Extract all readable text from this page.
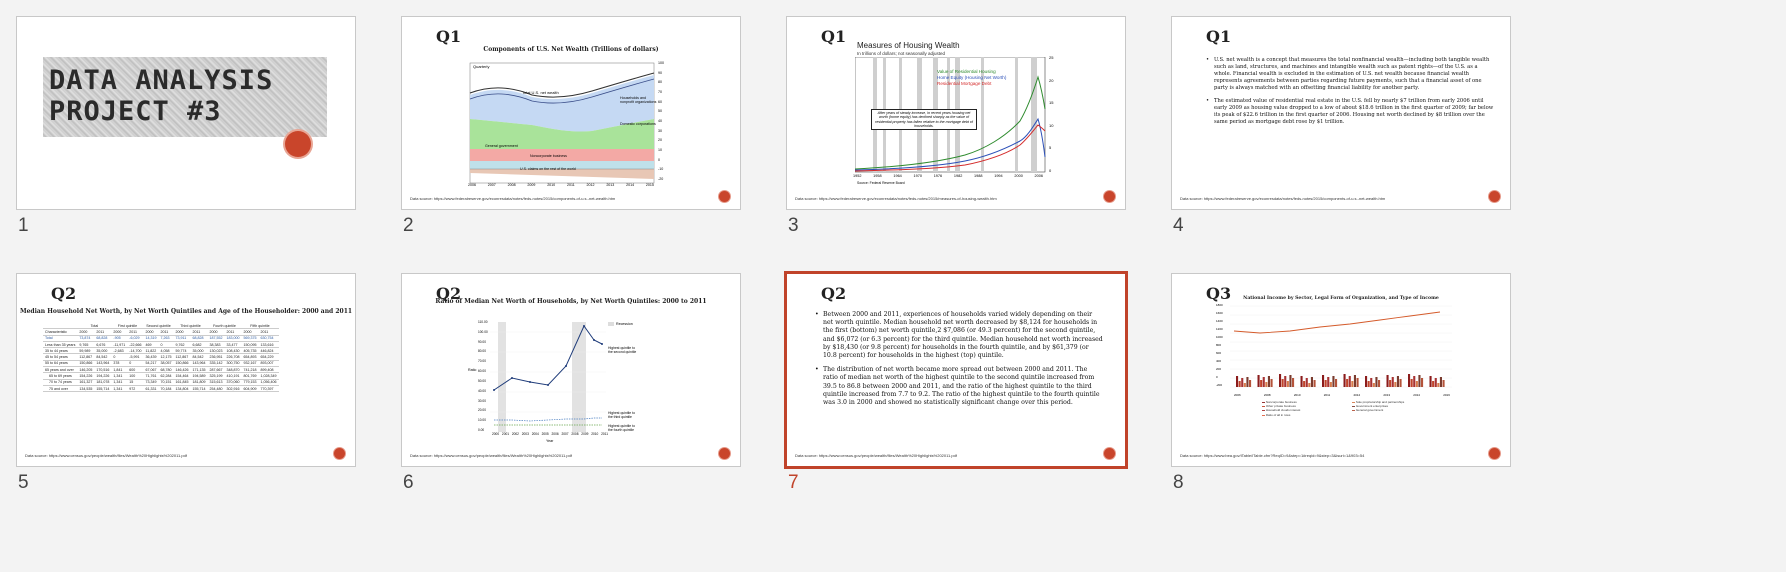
DATA ANALYSIS
PROJECT #3
1
Q1
Components of U.S. Net Wealth (Trillions of dollars)
Quarterly
Total U.S. net wealth
Households and nonprofit organizations
Domestic corporations
General government
Noncorporate business
U.S. claims on the rest of the world
2006	2007	2008	2009	2010	2011	2012	2013	2014	2015
100
90
80
70
60
50
40
30
20
10
0
-10
-20
Data source: https://www.federalreserve.gov/econresdata/notes/feds-notes/2015/components-of-u.s.-net-wealth.htm
2
Q1 Measures of Housing Wealth
In trillions of dollars; not seasonally adjusted
Value of Residential Housing
Home Equity (Housing Net Worth)
Residential Mortgage Debt
After years of steady increase, in recent years housing net worth (home equity) has declined sharply as the value of residential property has fallen relative to the mortgage debt of households.
1952	1958	1964	1970	1976	1982	1988	1994	2000	2006
25
20
15
10
5
0
Source: Federal Reserve Board
Data source: https://www.federalreserve.gov/econresdata/notes/feds-notes/2015/measures-of-housing-wealth.htm
3
Q1

• U.S. net wealth is a concept that measures the total nonfinancial wealth—including both tangible wealth such as land, structures, and machines and intangible wealth such as patent rights—of the U.S. as a whole. Financial wealth is excluded in the estimation of U.S. net wealth because financial wealth represents agreements between parties regarding future payments, such that a financial asset of one party is always matched with an offsetting financial liability for another party.

• The estimated value of residential real estate in the U.S. fell by nearly $7 trillion from early 2006 until early 2009 as housing value dropped to a low of about $18.6 trillion in the first quarter of 2009; far below its peak of $22.6 trillion in the first quarter of 2006. Housing net worth declined by $8 trillion over the same period as mortgage debt rose by $1 trillion.

Data source: https://www.federalreserve.gov/econresdata/notes/feds-notes/2015/components-of-u.s.-net-wealth.htm
4
Q2
Median Household Net Worth, by Net Worth Quintiles and Age of the Householder: 2000 and 2011
	Total		First quintile		Second quintile		Third quintile		Fourth quintile		Fifth quintile	
Characteristic	2000	2011	2000	2011	2000	2011	2000	2011	2000	2011	2000	2011
Total	73,874	68,828	-905	-6,029	14,319	7,263	73,911	68,828	187,552	183,000	569,375	630,754
Less than 35 years	9,765	6,676	-11,971	-22,666	469	0	9,762	6,682	38,383	33,477	150,095	133,616
35 to 44 years	59,989	35,000	-2,683	-14,700	11,822	4,058	59,774	35,000	130,023	108,430	405,735	446,824
45 to 54 years	112,867	84,542	0	-5,991	36,439	12,175	112,867	84,542	236,951	226,708	654,893	654,229
55 to 64 years	150,866	143,964	378	0	54,217	38,057	150,866	143,964	335,142	300,750	932,167	893,007
65 years and over	146,205	170,516	1,841	600	67,067	68,780	146,426	171,135	287,667	348,870	741,218	899,408
65 to 69 years	154,226	194,226	1,341	100	71,761	62,284	154,464	194,589	325,199	410,191	801,769	1,028,349
70 to 74 years	161,327	181,078	1,341	15	73,349	70,151	161,845	181,809	315,613	370,060	779,153	1,056,406
75 and over	134,535	155,714	1,341	972	61,331	70,184	134,804	155,714	254,480	302,916	604,909	770,397
Data source: https://www.census.gov/people/wealth/files/Wealth%20Highlights%202011.pdf
5
Q2
Ratio of Median Net Worth of Households, by Net Worth Quintiles: 2000 to 2011
Recession
Ratio
Year
Highest quintile to the second quintile
Highest quintile to the third quintile
Highest quintile to the fourth quintile
2000 2001 2002 2003 2004 2005 2006 2007 2008 2009 2010 2011
110.00
100.00
90.00
80.00
70.00
60.00
50.00
40.00
30.00
20.00
10.00
0.00
Data source: https://www.census.gov/people/wealth/files/Wealth%20Highlights%202011.pdf
6
Q2

• Between 2000 and 2011, experiences of households varied widely depending on their net worth quintile. Median household net worth decreased by $8,124 for households in the first (bottom) net worth quintile,2 $7,086 (or 49.3 percent) for the second quintile, and $6,072 (or 6.3 percent) for the third quintile. Median household net worth increased by $18,430 (or 9.8 percent) for households in the fourth quintile, and by $61,379 (or 10.8 percent) for households in the highest (top) quintile.

• The distribution of net worth became more spread out between 2000 and 2011. The ratio of median net worth of the highest quintile to the second quintile increased from 39.5 to 86.8 between 2000 and 2011, and the ratio of the highest quintile to the third quintile increased from 7.7 to 9.2. The ratio of the highest quintile to the fourth quintile was 3.0 in 2000 and showed no statistically significant change over this period.

Data source: https://www.census.gov/people/wealth/files/Wealth%20Highlights%202011.pdf
7
Q3	National Income by Sector, Legal Form of Organization, and Type of Income
1800
1600
1400
1200
1000
800
600
400
200
0
-200
2006	2008	2010	2011	2012	2013	2014	2016
▬ Noncorporate business	▬ Sole proprietorship and partnerships
▬ Other private business	▬ Government enterprises
▬ Household clouds interest	▬ General government
▬ Ratio of all in rows
Data source: https://www.bea.gov/iTable/iTable.cfm?ReqID=9&step=1#reqid=9&step=3&isuri=1&903=54
8
